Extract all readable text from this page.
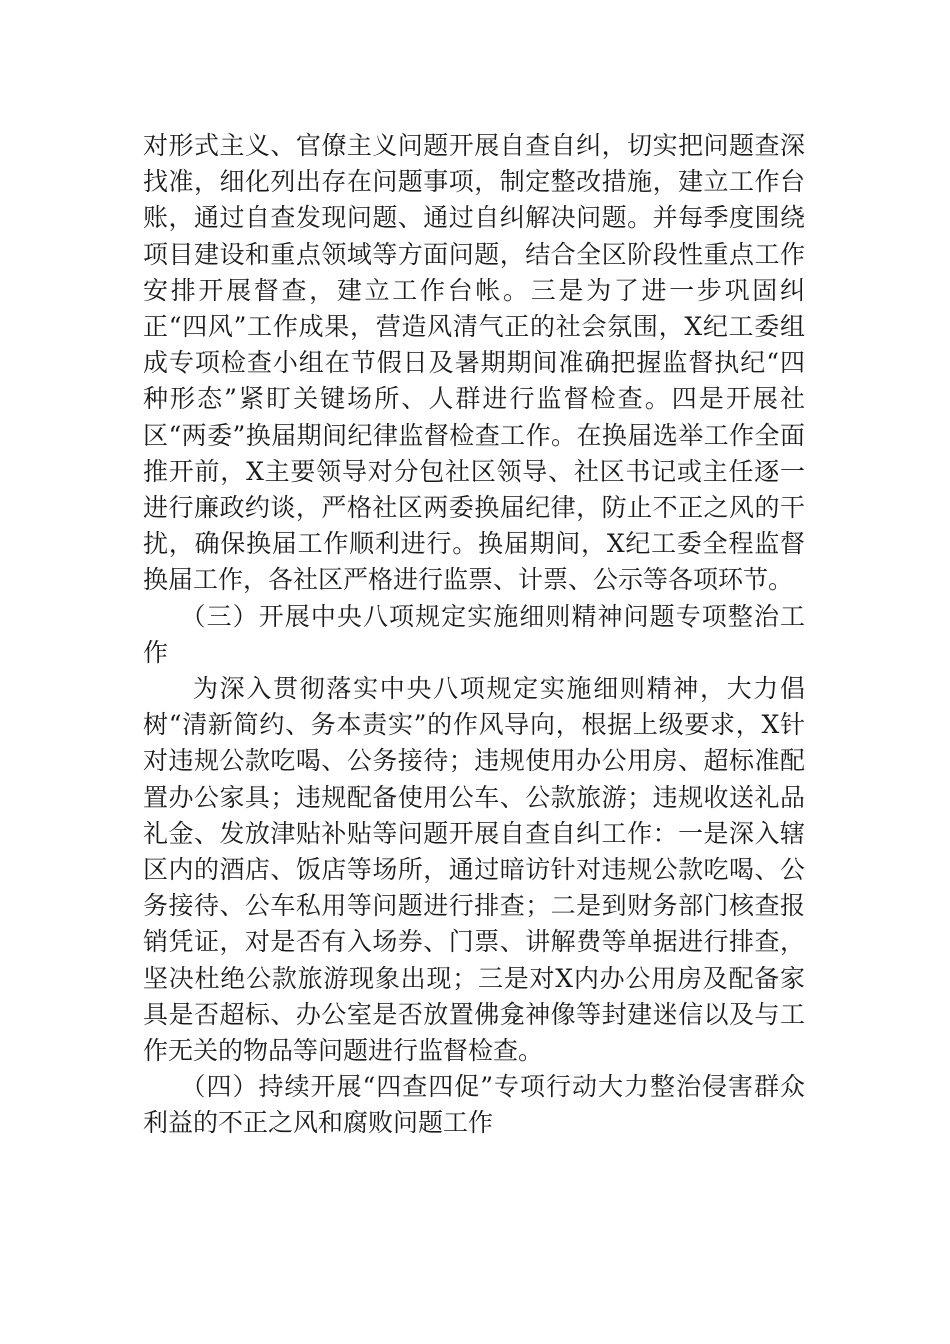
对形式主义、官僚主义问题开展自查自纠，切实把问题查深找准，细化列出存在问题事项，制定整改措施，建立工作台账，通过自查发现问题、通过自纠解决问题。并每季度围绕项目建设和重点领域等方面问题，结合全区阶段性重点工作安排开展督查，建立工作台帐。三是为了进一步巩固纠正“四风”工作成果，营造风清气正的社会氛围，X纪工委组成专项检查小组在节假日及暑期期间准确把握监督执纪“四种形态”紧盯关键场所、人群进行监督检查。四是开展社区“两委”换届期间纪律监督检查工作。在换届选举工作全面推开前，X主要领导对分包社区领导、社区书记或主任逐一进行廉政约谈，严格社区两委换届纪律，防止不正之风的干扰，确保换届工作顺利进行。换届期间，X纪工委全程监督换届工作，各社区严格进行监票、计票、公示等各项环节。

（三）开展中央八项规定实施细则精神问题专项整治工作

为深入贯彻落实中央八项规定实施细则精神，大力倡树“清新简约、务本责实”的作风导向，根据上级要求，X针对违规公款吃喝、公务接待；违规使用办公用房、超标准配置办公家具；违规配备使用公车、公款旅游；违规收送礼品礼金、发放津贴补贴等问题开展自查自纠工作：一是深入辖区内的酒店、饭店等场所，通过暗访针对违规公款吃喝、公务接待、公车私用等问题进行排查；二是到财务部门核查报销凭证，对是否有入场券、门票、讲解费等单据进行排查，坚决杜绝公款旅游现象出现；三是对X内办公用房及配备家具是否超标、办公室是否放置佛龛神像等封建迷信以及与工作无关的物品等问题进行监督检查。

（四）持续开展“四查四促”专项行动大力整治侵害群众利益的不正之风和腐败问题工作
